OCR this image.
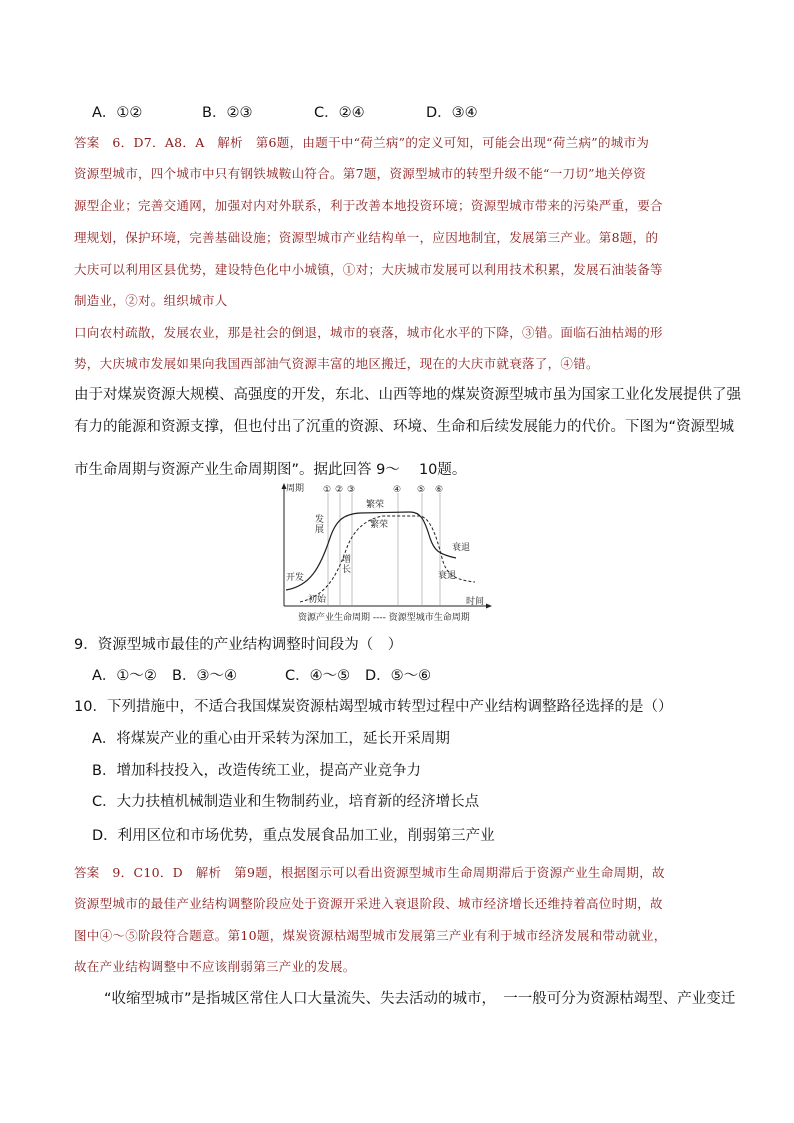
A．①②	B．②③	C．②④	D．③④
答案　6．D7．A8．A　解析　第6题，由题干中“荷兰病”的定义可知，可能会出现“荷兰病”的城市为
资源型城市，四个城市中只有钢铁城鞍山符合。第7题，资源型城市的转型升级不能“一刀切”地关停资
源型企业；完善交通网，加强对内对外联系，利于改善本地投资环境；资源型城市带来的污染严重，要合
理规划，保护环境，完善基础设施；资源型城市产业结构单一，应因地制宜，发展第三产业。第8题，的
大庆可以利用区县优势，建设特色化中小城镇，①对；大庆城市发展可以利用技术积累，发展石油装备等
制造业，②对。组织城市人
口向农村疏散，发展农业，那是社会的倒退，城市的衰落，城市化水平的下降，③错。面临石油枯竭的形
势，大庆城市发展如果向我国西部油气资源丰富的地区搬迁，现在的大庆市就衰落了，④错。
由于对煤炭资源大规模、高强度的开发，东北、山西等地的煤炭资源型城市虽为国家工业化发展提供了强
有力的能源和资源支撑，但也付出了沉重的资源、环境、生命和后续发展能力的代价。下图为“资源型城
市生命周期与资源产业生命周期图”。据此回答 9～　 10题。
周期
时间
① ② ③	④ ⑤ ⑥
开发
初始
发展
增长
繁荣
繁荣
衰退
衰退
资源产业生命周期 ---- 资源型城市生命周期
9．资源型城市最佳的产业结构调整时间段为（　）
A．①～② B．③～④	C．④～⑤ D．⑤～⑥
10．下列措施中，不适合我国煤炭资源枯竭型城市转型过程中产业结构调整路径选择的是（）
A．将煤炭产业的重心由开采转为深加工，延长开采周期
B．增加科技投入，改造传统工业，提高产业竞争力
C．大力扶植机械制造业和生物制药业，培育新的经济增长点
D．利用区位和市场优势，重点发展食品加工业，削弱第三产业
答案　9．C10．D　解析　第9题，根据图示可以看出资源型城市生命周期滞后于资源产业生命周期，故
资源型城市的最佳产业结构调整阶段应处于资源开采进入衰退阶段、城市经济增长还维持着高位时期，故
图中④～⑤阶段符合题意。第10题，煤炭资源枯竭型城市发展第三产业有利于城市经济发展和带动就业，
故在产业结构调整中不应该削弱第三产业的发展。
“收缩型城市”是指城区常住人口大量流失、失去活动的城市，　一一般可分为资源枯竭型、产业变迁
